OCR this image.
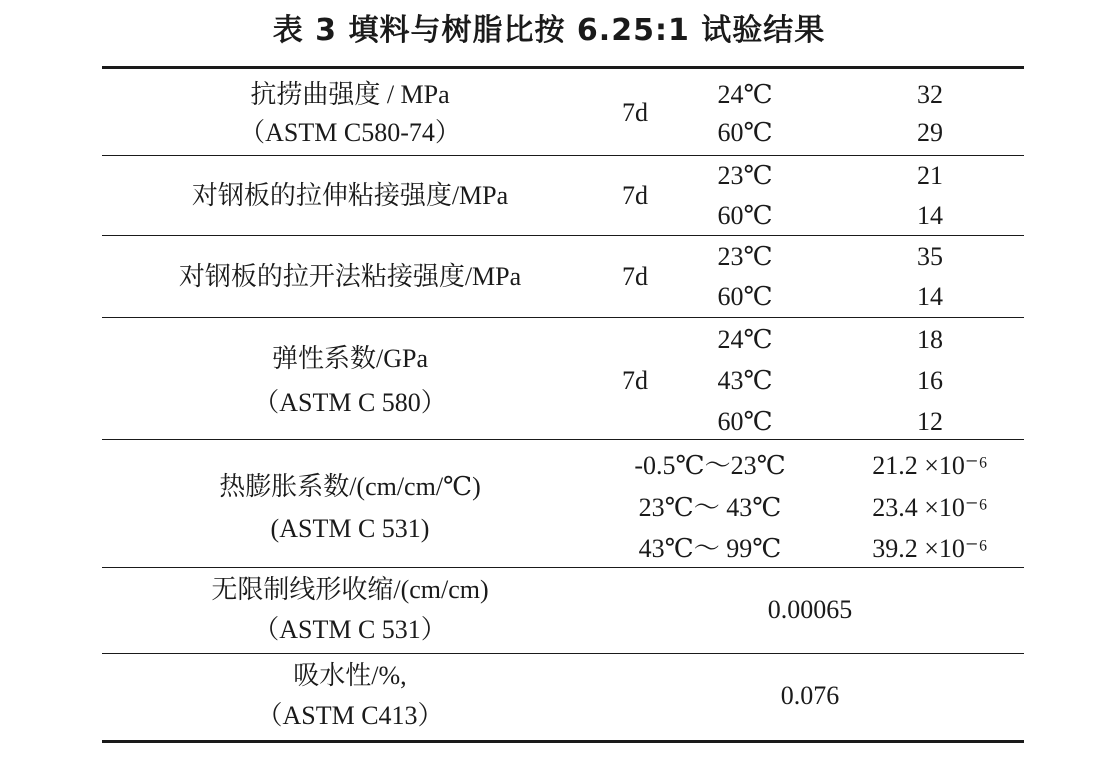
表 3 填料与树脂比按 6.25:1 试验结果
抗捞曲强度 / MPa
（ASTM C580-74）
7d
24℃
60℃
32
29
对钢板的拉伸粘接强度/MPa	7d
23℃
60℃
21
14
对钢板的拉开法粘接强度/MPa	7d
23℃
60℃
35
14
弹性系数/GPa
（ASTM C 580）
7d
24℃
43℃
60℃
18
16
12
热膨胀系数/(cm/cm/℃)
(ASTM C 531)
-0.5℃～23℃
23℃～ 43℃
43℃～ 99℃
21.2 ×10⁻⁶
23.4 ×10⁻⁶
39.2 ×10⁻⁶
无限制线形收缩/(cm/cm)
（ASTM C 531）
0.00065
吸水性/%,
（ASTM C413）
0.076
